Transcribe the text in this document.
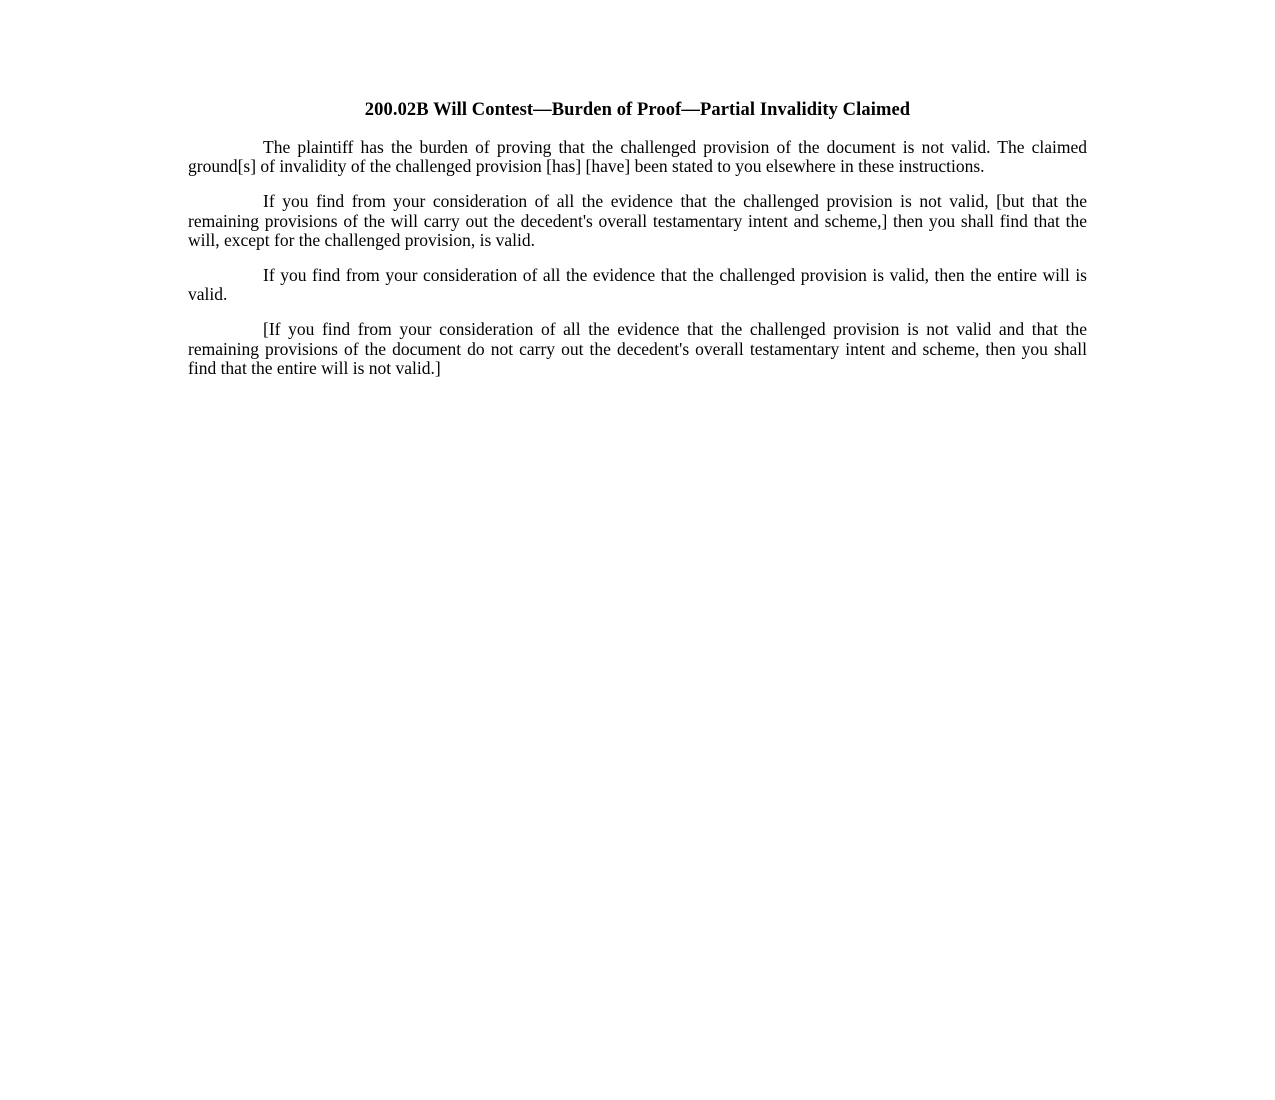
200.02B Will Contest—Burden of Proof—Partial Invalidity Claimed

The plaintiff has the burden of proving that the challenged provision of the document is not valid. The claimed ground[s] of invalidity of the challenged provision [has] [have] been stated to you elsewhere in these instructions.

If you find from your consideration of all the evidence that the challenged provision is not valid, [but that the remaining provisions of the will carry out the decedent's overall testamentary intent and scheme,] then you shall find that the will, except for the challenged provision, is valid.

If you find from your consideration of all the evidence that the challenged provision is valid, then the entire will is valid.

[If you find from your consideration of all the evidence that the challenged provision is not valid and that the remaining provisions of the document do not carry out the decedent's overall testamentary intent and scheme, then you shall find that the entire will is not valid.]
